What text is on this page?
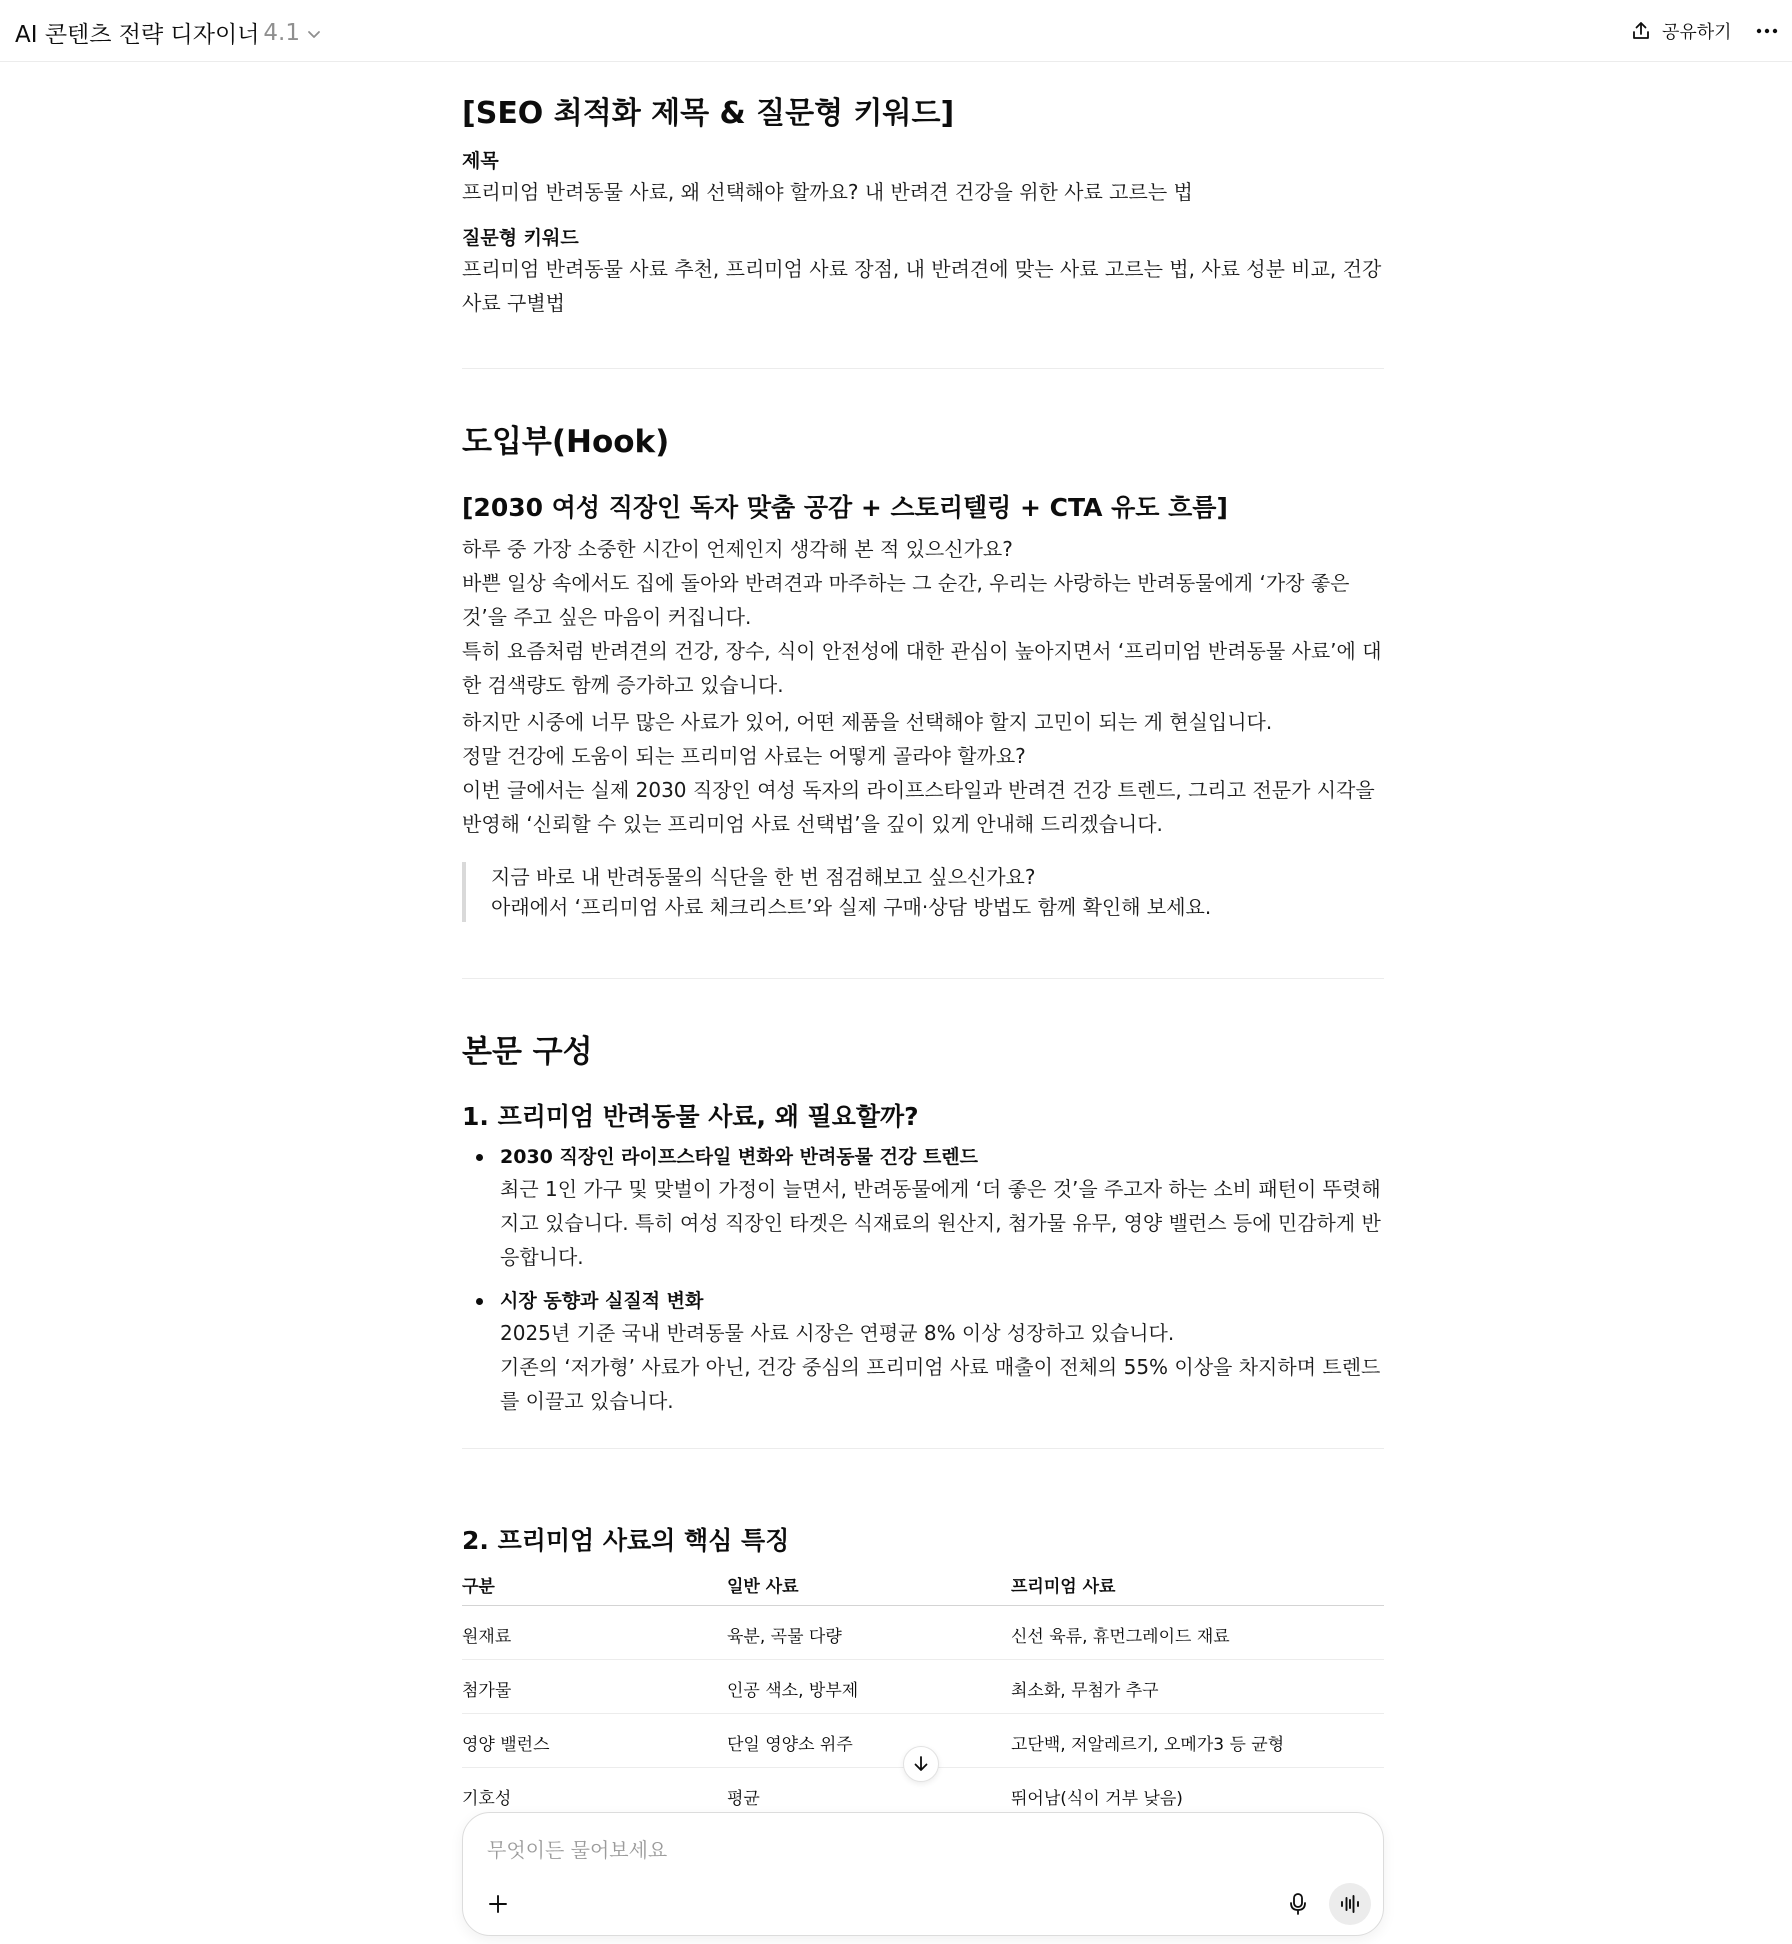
AI 콘텐츠 전략 디자이너 4.1	공유하기
[SEO 최적화 제목 & 질문형 키워드]
제목
프리미엄 반려동물 사료, 왜 선택해야 할까요? 내 반려견 건강을 위한 사료 고르는 법
질문형 키워드
프리미엄 반려동물 사료 추천, 프리미엄 사료 장점, 내 반려견에 맞는 사료 고르는 법, 사료 성분 비교, 건강
사료 구별법
도입부(Hook)
[2030 여성 직장인 독자 맞춤 공감 + 스토리텔링 + CTA 유도 흐름]
하루 중 가장 소중한 시간이 언제인지 생각해 본 적 있으신가요?
바쁜 일상 속에서도 집에 돌아와 반려견과 마주하는 그 순간, 우리는 사랑하는 반려동물에게 ‘가장 좋은
것’을 주고 싶은 마음이 커집니다.
특히 요즘처럼 반려견의 건강, 장수, 식이 안전성에 대한 관심이 높아지면서 ‘프리미엄 반려동물 사료’에 대
한 검색량도 함께 증가하고 있습니다.
하지만 시중에 너무 많은 사료가 있어, 어떤 제품을 선택해야 할지 고민이 되는 게 현실입니다.
정말 건강에 도움이 되는 프리미엄 사료는 어떻게 골라야 할까요?
이번 글에서는 실제 2030 직장인 여성 독자의 라이프스타일과 반려견 건강 트렌드, 그리고 전문가 시각을
반영해 ‘신뢰할 수 있는 프리미엄 사료 선택법’을 깊이 있게 안내해 드리겠습니다.
지금 바로 내 반려동물의 식단을 한 번 점검해보고 싶으신가요?
아래에서 ‘프리미엄 사료 체크리스트’와 실제 구매·상담 방법도 함께 확인해 보세요.
본문 구성
1. 프리미엄 반려동물 사료, 왜 필요할까?
2030 직장인 라이프스타일 변화와 반려동물 건강 트렌드
최근 1인 가구 및 맞벌이 가정이 늘면서, 반려동물에게 ‘더 좋은 것’을 주고자 하는 소비 패턴이 뚜렷해
지고 있습니다. 특히 여성 직장인 타겟은 식재료의 원산지, 첨가물 유무, 영양 밸런스 등에 민감하게 반
응합니다.
시장 동향과 실질적 변화
2025년 기준 국내 반려동물 사료 시장은 연평균 8% 이상 성장하고 있습니다.
기존의 ‘저가형’ 사료가 아닌, 건강 중심의 프리미엄 사료 매출이 전체의 55% 이상을 차지하며 트렌드
를 이끌고 있습니다.
2. 프리미엄 사료의 핵심 특징
구분	일반 사료	프리미엄 사료
원재료	육분, 곡물 다량	신선 육류, 휴먼그레이드 재료
첨가물	인공 색소, 방부제	최소화, 무첨가 추구
영양 밸런스	단일 영양소 위주	고단백, 저알레르기, 오메가3 등 균형
기호성	평균	뛰어남(식이 거부 낮음)
무엇이든 물어보세요
